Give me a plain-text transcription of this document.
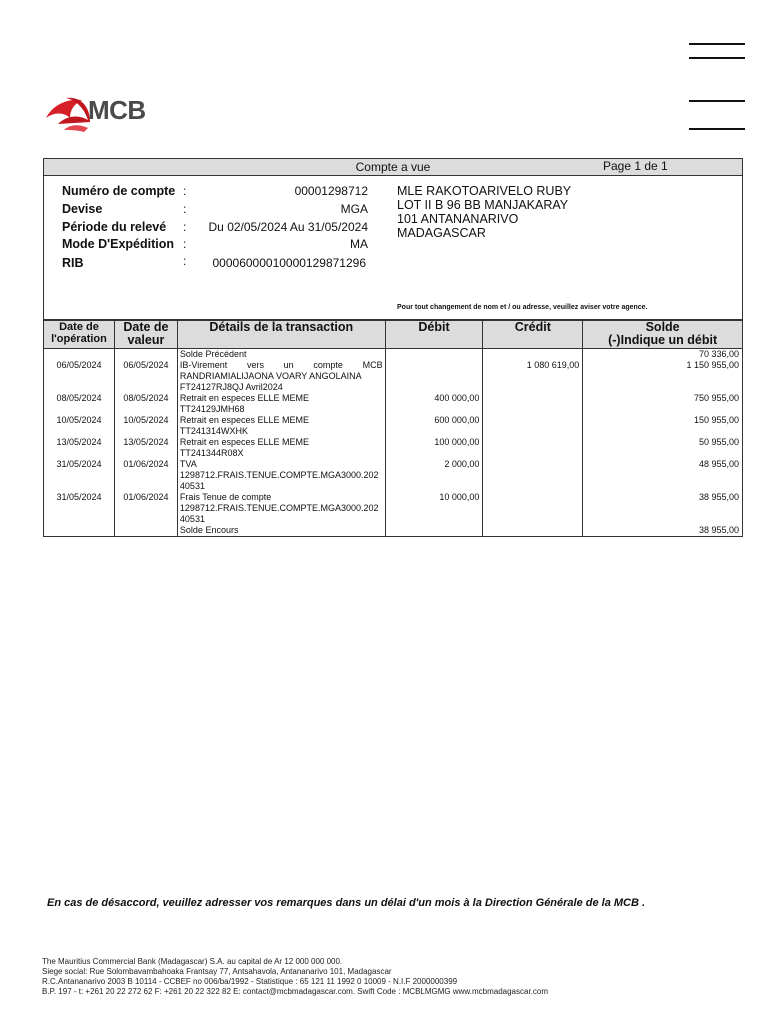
MCB
Compte a vue	Page 1 de 1
Numéro de compte :	00001298712
Devise	:	MGA
Période du relevé : Du 02/05/2024 Au 31/05/2024
Mode D'Expédition :	MA
RIB	: 00006000010000129871296
MLE RAKOTOARIVELO RUBY
LOT II B 96 BB MANJAKARAY
101 ANTANANARIVO
MADAGASCAR
Pour tout changement de nom et / ou adresse, veuillez aviser votre agence.
Date de l'opération	Date de valeur	Détails de la transaction	Débit	Crédit	Solde
(-)Indique un débit
		Solde Précédent			70 336,00
06/05/2024	06/05/2024	IB-Virement vers un compte MCB RANDRIAMIALIJAONA VOARY ANGOLAINA
FT24127RJ8QJ Avril2024		1 080 619,00	1 150 955,00
08/05/2024	08/05/2024	Retrait en especes ELLE MEME
TT24129JMH68	400 000,00		750 955,00
10/05/2024	10/05/2024	Retrait en especes ELLE MEME
TT241314WXHK	600 000,00		150 955,00
13/05/2024	13/05/2024	Retrait en especes ELLE MEME
TT241344R08X	100 000,00		50 955,00
31/05/2024	01/06/2024	TVA
1298712.FRAIS.TENUE.COMPTE.MGA3000.20240531	2 000,00		48 955,00
31/05/2024	01/06/2024	Frais Tenue de compte
1298712.FRAIS.TENUE.COMPTE.MGA3000.20240531	10 000,00		38 955,00
		Solde Encours			38 955,00
En cas de désaccord, veuillez adresser vos remarques dans un délai d'un mois à la Direction Générale de la MCB .
The Mauritius Commercial Bank (Madagascar) S.A. au capital de Ar 12 000 000 000.
Siege social: Rue Solombavambahoaka Frantsay 77, Antsahavola, Antananarivo 101, Madagascar
R.C.Antananarivo 2003 B 10114 - CCBEF no 006/ba/1992 - Statistique : 65 121 11 1992 0 10009 - N.I.F 2000000399
B.P. 197 - t: +261 20 22 272 62 F: +261 20 22 322 82 E: contact@mcbmadagascar.com. Swift Code : MCBLMGMG www.mcbmadagascar.com
